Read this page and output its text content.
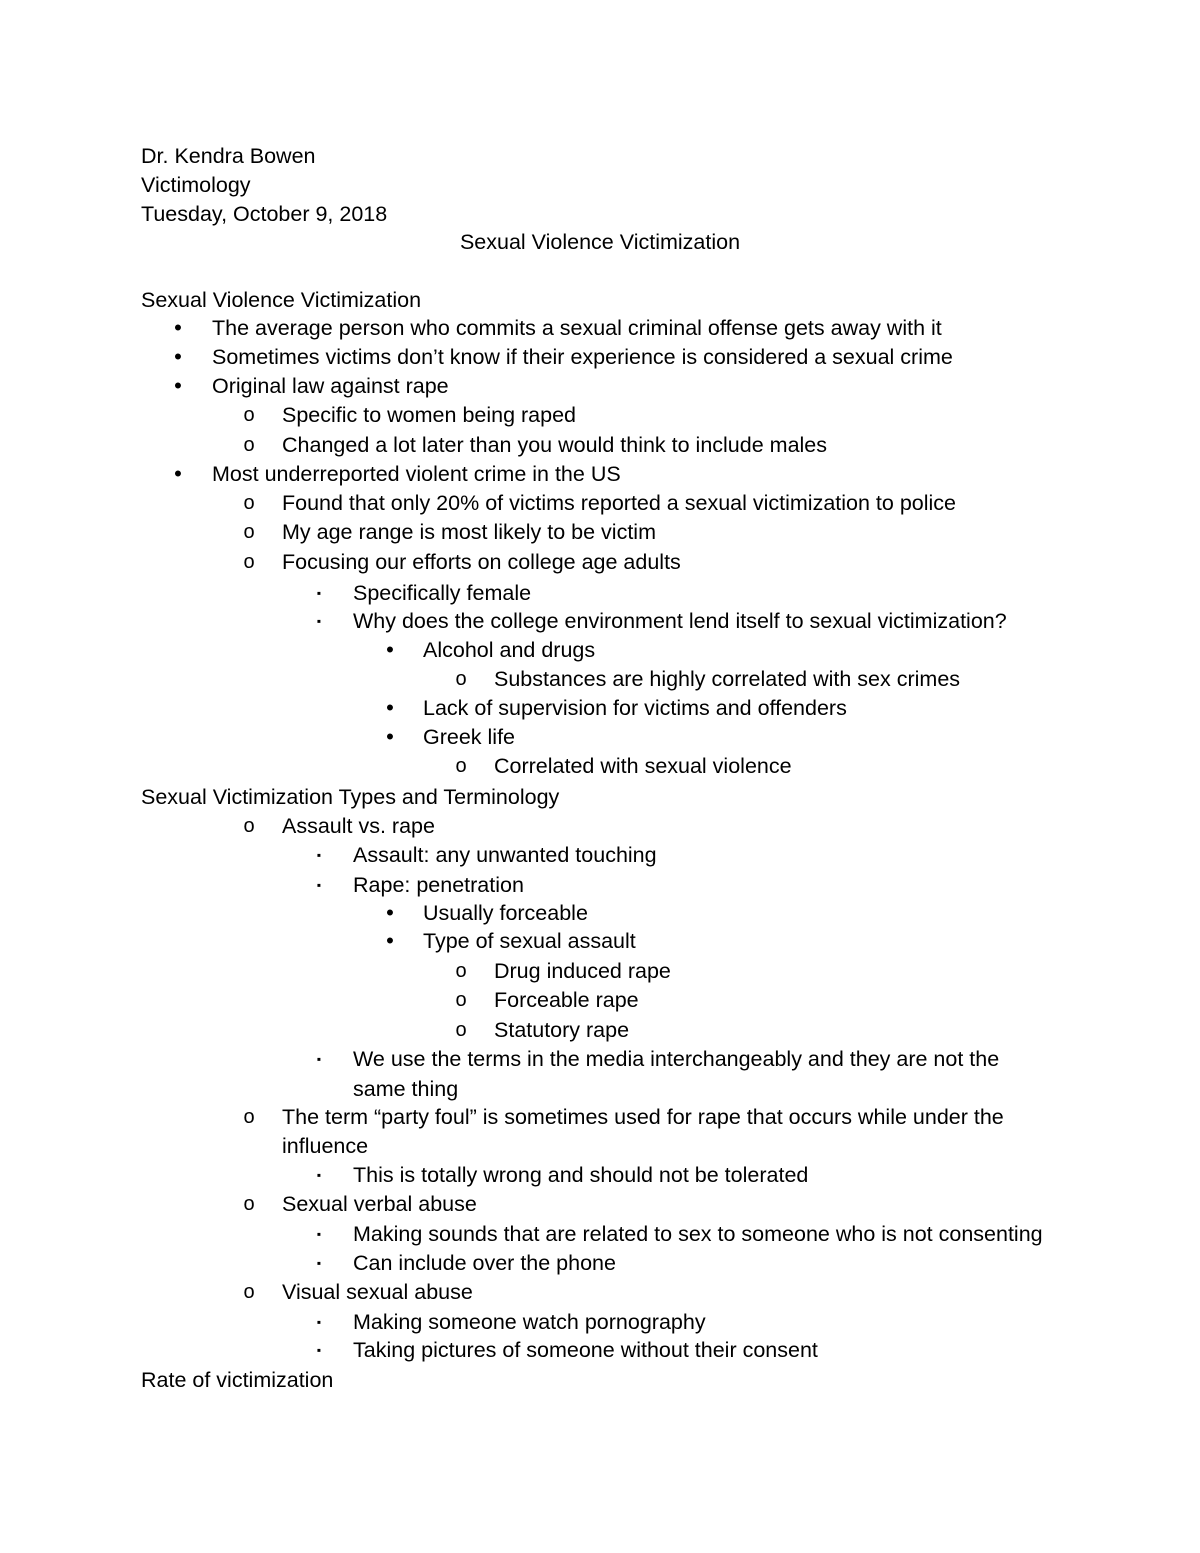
Dr. Kendra Bowen
Victimology
Tuesday, October 9, 2018
Sexual Violence Victimization
Sexual Violence Victimization
• The average person who commits a sexual criminal offense gets away with it
• Sometimes victims don’t know if their experience is considered a sexual crime
• Original law against rape
o Specific to women being raped
o Changed a lot later than you would think to include males
• Most underreported violent crime in the US
o Found that only 20% of victims reported a sexual victimization to police
o My age range is most likely to be victim
o Focusing our efforts on college age adults
▪	Specifically female
▪	Why does the college environment lend itself to sexual victimization?
• Alcohol and drugs
o Substances are highly correlated with sex crimes
• Lack of supervision for victims and offenders
• Greek life
o Correlated with sexual violence
Sexual Victimization Types and Terminology
o Assault vs. rape
▪	Assault: any unwanted touching
▪	Rape: penetration
• Usually forceable
• Type of sexual assault
o Drug induced rape
o Forceable rape
o Statutory rape
▪	We use the terms in the media interchangeably and they are not the
same thing
o The term “party foul” is sometimes used for rape that occurs while under the
influence
▪	This is totally wrong and should not be tolerated
o Sexual verbal abuse
▪	Making sounds that are related to sex to someone who is not consenting
▪	Can include over the phone
o Visual sexual abuse
▪	Making someone watch pornography
▪	Taking pictures of someone without their consent
Rate of victimization
